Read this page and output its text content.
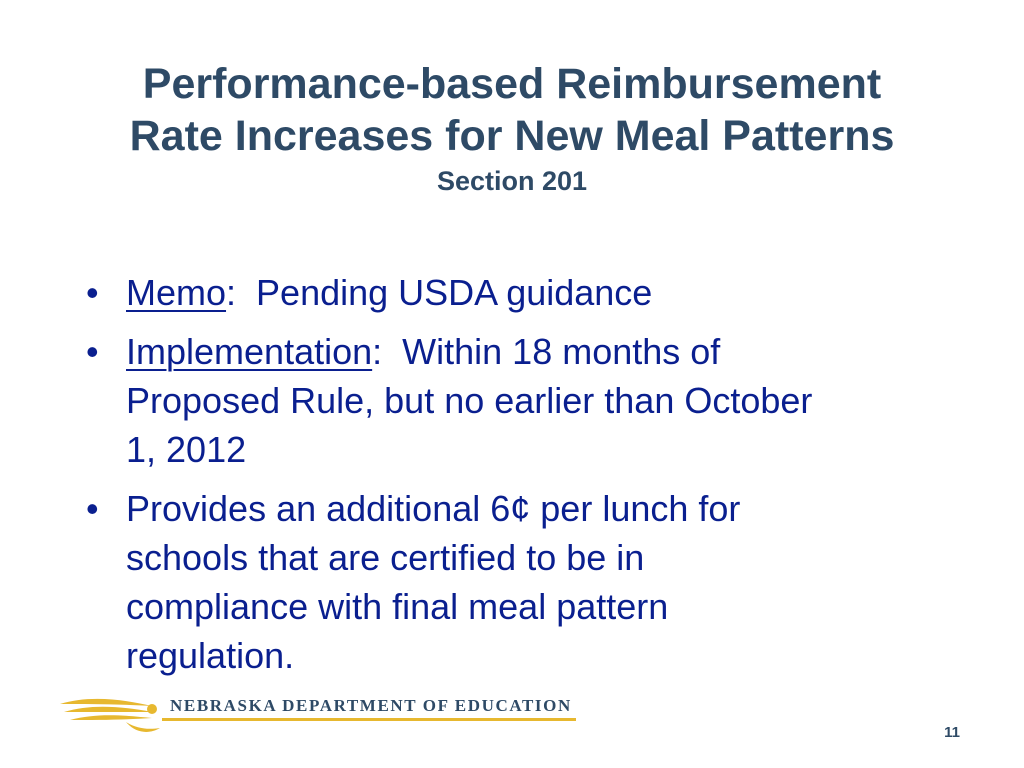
Performance-based Reimbursement
Rate Increases for New Meal Patterns
Section 201
• Memo:  Pending USDA guidance
• Implementation:  Within 18 months of Proposed Rule, but no earlier than October 1, 2012
• Provides an additional 6¢ per lunch for schools that are certified to be in compliance with final meal pattern regulation.
NEBRASKA DEPARTMENT OF EDUCATION
11
